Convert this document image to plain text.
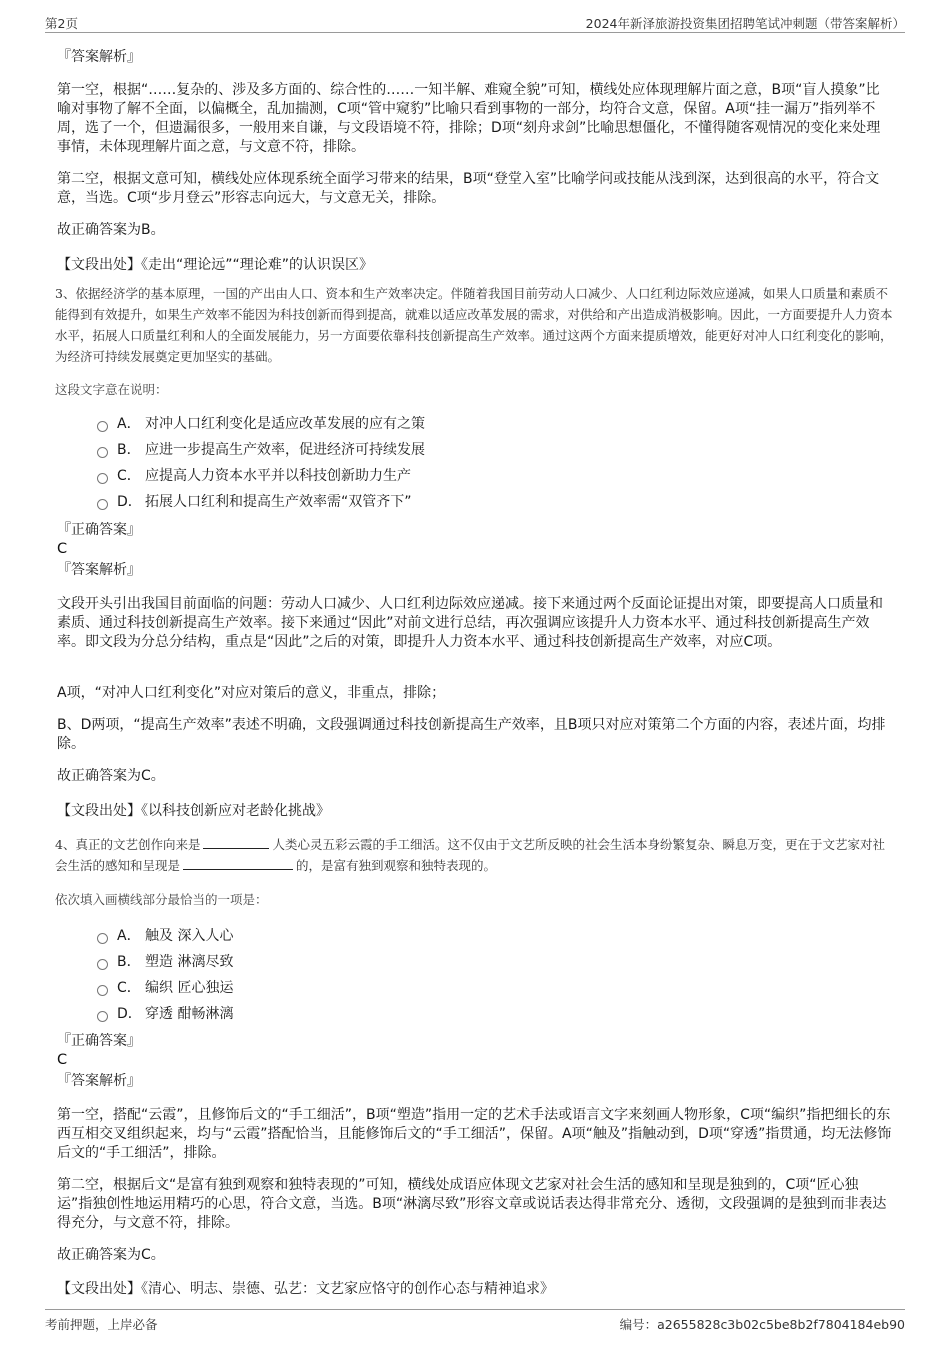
第2页	2024年新泽旅游投资集团招聘笔试冲刺题（带答案解析）
『答案解析』
第一空，根据“……复杂的、涉及多方面的、综合性的……一知半解、难窥全貌”可知，横线处应体现理解片面之意，B项“盲人摸象”比喻对事物了解不全面，以偏概全，乱加揣测，C项“管中窥豹”比喻只看到事物的一部分，均符合文意，保留。A项“挂一漏万”指列举不周，选了一个，但遗漏很多，一般用来自谦，与文段语境不符，排除；D项“刻舟求剑”比喻思想僵化，不懂得随客观情况的变化来处理事情，未体现理解片面之意，与文意不符，排除。
第二空，根据文意可知，横线处应体现系统全面学习带来的结果，B项“登堂入室”比喻学问或技能从浅到深，达到很高的水平，符合文意，当选。C项“步月登云”形容志向远大，与文意无关，排除。
故正确答案为B。
【文段出处】《走出“理论远”“理论难”的认识误区》
3、依据经济学的基本原理，一国的产出由人口、资本和生产效率决定。伴随着我国目前劳动人口减少、人口红利边际效应递减，如果人口质量和素质不能得到有效提升，如果生产效率不能因为科技创新而得到提高，就难以适应改革发展的需求，对供给和产出造成消极影响。因此，一方面要提升人力资本水平，拓展人口质量红利和人的全面发展能力，另一方面要依靠科技创新提高生产效率。通过这两个方面来提质增效，能更好对冲人口红利变化的影响，为经济可持续发展奠定更加坚实的基础。
这段文字意在说明：
A． 对冲人口红利变化是适应改革发展的应有之策
B． 应进一步提高生产效率，促进经济可持续发展
C． 应提高人力资本水平并以科技创新助力生产
D． 拓展人口红利和提高生产效率需“双管齐下”
『正确答案』
C
『答案解析』
文段开头引出我国目前面临的问题：劳动人口减少、人口红利边际效应递减。接下来通过两个反面论证提出对策，即要提高人口质量和素质、通过科技创新提高生产效率。接下来通过“因此”对前文进行总结，再次强调应该提升人力资本水平、通过科技创新提高生产效率。即文段为分总分结构，重点是“因此”之后的对策，即提升人力资本水平、通过科技创新提高生产效率，对应C项。
A项，“对冲人口红利变化”对应对策后的意义，非重点，排除；
B、D两项，“提高生产效率”表述不明确，文段强调通过科技创新提高生产效率，且B项只对应对策第二个方面的内容，表述片面，均排除。
故正确答案为C。
【文段出处】《以科技创新应对老龄化挑战》
4、真正的文艺创作向来是	人类心灵五彩云霞的手工细活。这不仅由于文艺所反映的社会生活本身纷繁复杂、瞬息万变，更在于文艺家对社会生活的感知和呈现是	的，是富有独到观察和独特表现的。
依次填入画横线部分最恰当的一项是：
A． 触及 深入人心
B． 塑造 淋漓尽致
C． 编织 匠心独运
D． 穿透 酣畅淋漓
『正确答案』
C
『答案解析』
第一空，搭配“云霞”，且修饰后文的“手工细活”，B项“塑造”指用一定的艺术手法或语言文字来刻画人物形象，C项“编织”指把细长的东西互相交叉组织起来，均与“云霞”搭配恰当，且能修饰后文的“手工细活”，保留。A项“触及”指触动到，D项“穿透”指贯通，均无法修饰后文的“手工细活”，排除。
第二空，根据后文“是富有独到观察和独特表现的”可知，横线处成语应体现文艺家对社会生活的感知和呈现是独到的，C项“匠心独运”指独创性地运用精巧的心思，符合文意，当选。B项“淋漓尽致”形容文章或说话表达得非常充分、透彻，文段强调的是独到而非表达得充分，与文意不符，排除。
故正确答案为C。
【文段出处】《清心、明志、崇德、弘艺：文艺家应恪守的创作心态与精神追求》
考前押题，上岸必备	编号：a2655828c3b02c5be8b2f7804184eb90
